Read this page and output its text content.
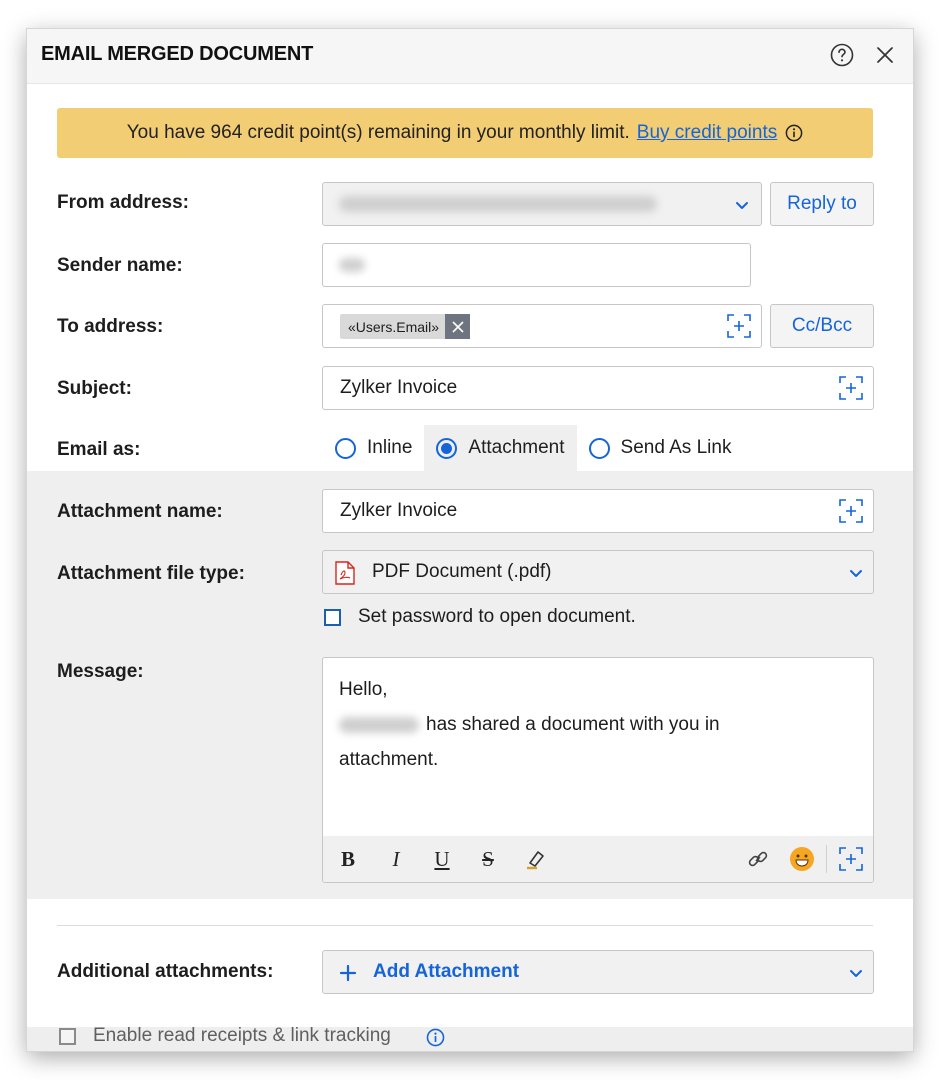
EMAIL MERGED DOCUMENT
You have 964 credit point(s) remaining in your monthly limit. Buy credit points
From address:	Reply to
Sender name:
To address:	«Users.Email»	Cc/Bcc
Subject:	Zylker Invoice
Email as:	Inline	Attachment	Send As Link
Attachment name:	Zylker Invoice
Attachment file type:	PDF Document (.pdf)
Set password to open document.
Message:
Hello,
has shared a document with you in
attachment.
B	I	U	S
Additional attachments:	Add Attachment
Enable read receipts & link tracking
